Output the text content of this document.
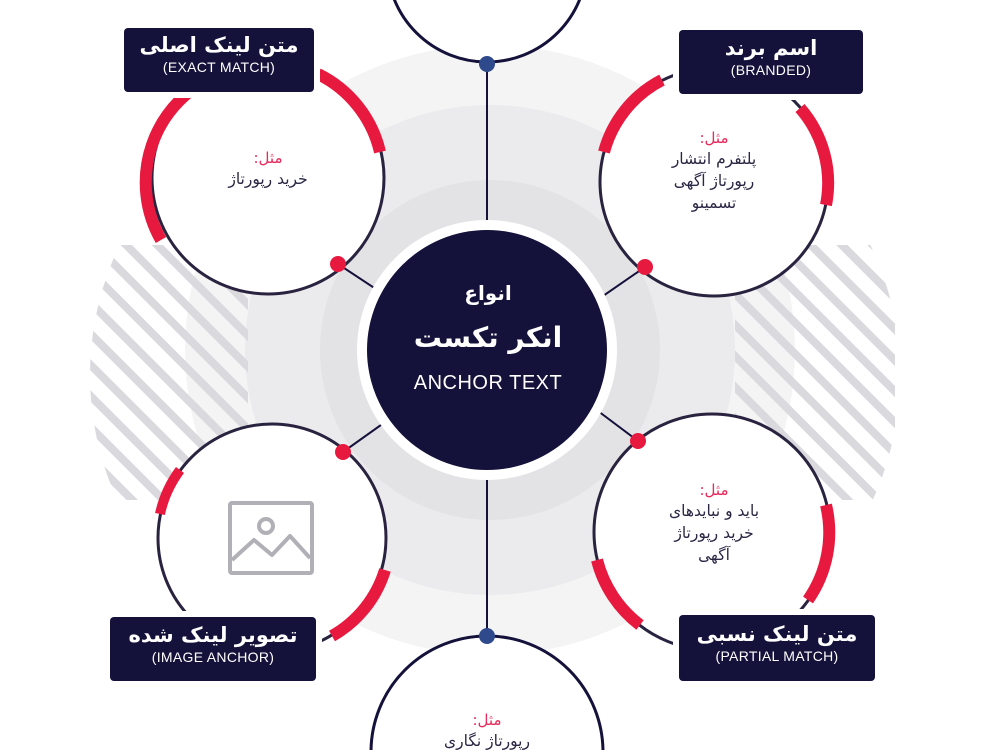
انواع
انکر تکست
ANCHOR TEXT
متن لینک اصلی
(EXACT MATCH)
اسم برند
(BRANDED)
تصویر لینک شده
(IMAGE ANCHOR)
متن لینک نسبی
(PARTIAL MATCH)
مثل:
خرید رپورتاژ
مثل:
پلتفرم انتشار
رپورتاژ آگهی
تسمینو
مثل:
باید و نبایدهای
خرید رپورتاژ
آگهی
مثل:
رپورتاژ نگاری
